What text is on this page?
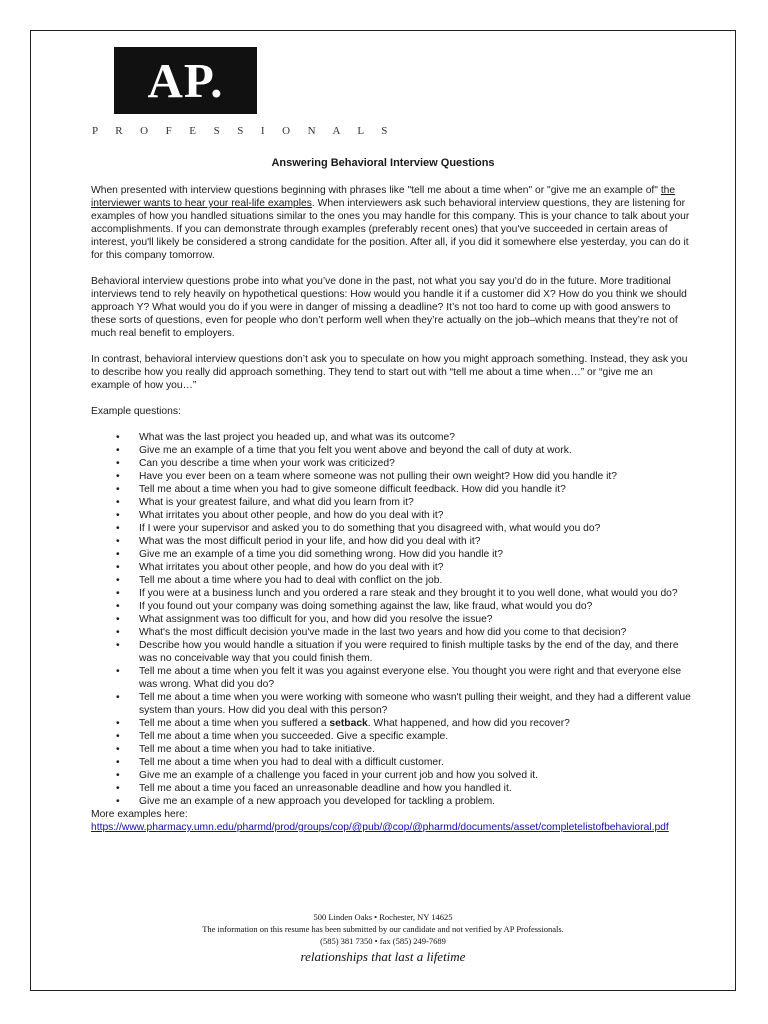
AP.
P R O F E S S I O N A L S
Answering Behavioral Interview Questions

When presented with interview questions beginning with phrases like "tell me about a time when" or "give me an example of" the interviewer wants to hear your real-life examples. When interviewers ask such behavioral interview questions, they are listening for examples of how you handled situations similar to the ones you may handle for this company. This is your chance to talk about your accomplishments. If you can demonstrate through examples (preferably recent ones) that you've succeeded in certain areas of interest, you'll likely be considered a strong candidate for the position. After all, if you did it somewhere else yesterday, you can do it for this company tomorrow.

Behavioral interview questions probe into what you’ve done in the past, not what you say you’d do in the future. More traditional interviews tend to rely heavily on hypothetical questions: How would you handle it if a customer did X? How do you think we should approach Y? What would you do if you were in danger of missing a deadline? It’s not too hard to come up with good answers to these sorts of questions, even for people who don’t perform well when they’re actually on the job–which means that they’re not of much real benefit to employers.

In contrast, behavioral interview questions don’t ask you to speculate on how you might approach something. Instead, they ask you to describe how you really did approach something. They tend to start out with “tell me about a time when…” or “give me an example of how you…”

Example questions:

• What was the last project you headed up, and what was its outcome?
• Give me an example of a time that you felt you went above and beyond the call of duty at work.
• Can you describe a time when your work was criticized?
• Have you ever been on a team where someone was not pulling their own weight? How did you handle it?
• Tell me about a time when you had to give someone difficult feedback. How did you handle it?
• What is your greatest failure, and what did you learn from it?
• What irritates you about other people, and how do you deal with it?
• If I were your supervisor and asked you to do something that you disagreed with, what would you do?
• What was the most difficult period in your life, and how did you deal with it?
• Give me an example of a time you did something wrong. How did you handle it?
• What irritates you about other people, and how do you deal with it?
• Tell me about a time where you had to deal with conflict on the job.
• If you were at a business lunch and you ordered a rare steak and they brought it to you well done, what would you do?
• If you found out your company was doing something against the law, like fraud, what would you do?
• What assignment was too difficult for you, and how did you resolve the issue?
• What's the most difficult decision you've made in the last two years and how did you come to that decision?
• Describe how you would handle a situation if you were required to finish multiple tasks by the end of the day, and there was no conceivable way that you could finish them.
• Tell me about a time when you felt it was you against everyone else. You thought you were right and that everyone else was wrong. What did you do?
• Tell me about a time when you were working with someone who wasn't pulling their weight, and they had a different value system than yours. How did you deal with this person?
• Tell me about a time when you suffered a setback. What happened, and how did you recover?
• Tell me about a time when you succeeded. Give a specific example.
• Tell me about a time when you had to take initiative.
• Tell me about a time when you had to deal with a difficult customer.
• Give me an example of a challenge you faced in your current job and how you solved it.
• Tell me about a time you faced an unreasonable deadline and how you handled it.
• Give me an example of a new approach you developed for tackling a problem.
More examples here:
https://www.pharmacy.umn.edu/pharmd/prod/groups/cop/@pub/@cop/@pharmd/documents/asset/completelistofbehavioral.pdf
500 Linden Oaks • Rochester, NY 14625
The information on this resume has been submitted by our candidate and not verified by AP Professionals.
(585) 381 7350 • fax (585) 249-7689
relationships that last a lifetime
